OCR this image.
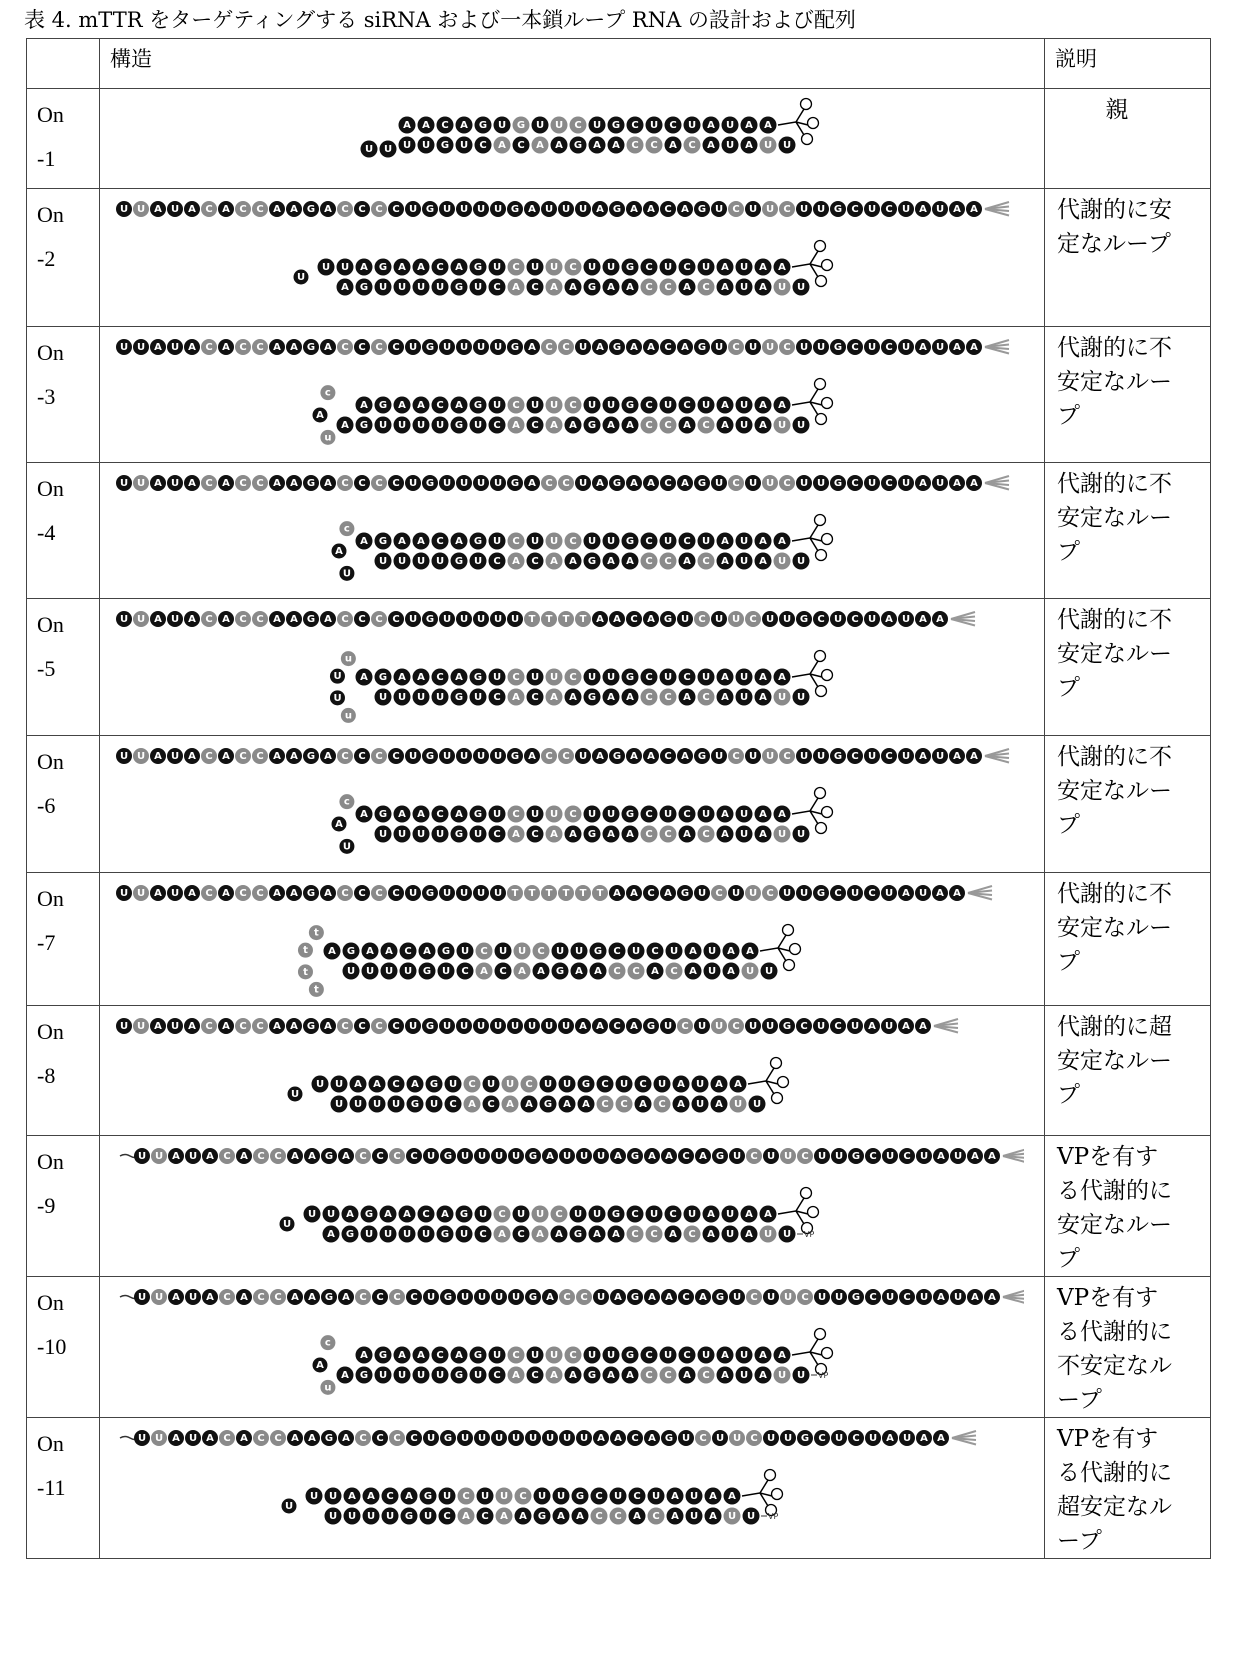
表 4. mTTR をターゲティングする siRNA および一本鎖ループ RNA の設計および配列
	構造	説明

On
-1

A A C A G U G U U C U G C U C U A U A A
U U U U G U C A C A A G A A C C A C A U A U U

親

On
-2

U U A U A C A C C A A G A C C C C U G U U U U G A U U U A G A A C A G U C U U C U U G C U C U A U A A
U U A G A A C A G U C U U C U U G C U C U A U A A
A G U U U U G U C A C A A G A A C C A C A U A U U
U

代謝的に安定なループ

On
-3

U U A U A C A C C A A G A C C C C U G U U U U G A C C U A G A A C A G U C U U C U U G C U C U A U A A
A G A A C A G U C U U C U U G C U C U A U A A
A G U U U U G U C A C A A G A A C C A C A U A U U
cAu

代謝的に不安定なループ

On
-4

U U A U A C A C C A A G A C C C C U G U U U U G A C C U A G A A C A G U C U U C U U G C U C U A U A A
A G A A C A G U C U U C U U G C U C U A U A A
U U U U G U C A C A A G A A C C A C A U A U U
cAU

代謝的に不安定なループ

On
-5

U U A U A C A C C A A G A C C C C U G U U U U U T T T T A A C A G U C U U C U U G C U C U A U A A
A G A A C A G U C U U C U U G C U C U A U A A
U U U U G U C A C A A G A A C C A C A U A U U
uUUu

代謝的に不安定なループ

On
-6

U U A U A C A C C A A G A C C C C U G U U U U G A C C U A G A A C A G U C U U C U U G C U C U A U A A
A G A A C A G U C U U C U U G C U C U A U A A
U U U U G U C A C A A G A A C C A C A U A U U
cAU

代謝的に不安定なループ

On
-7

U U A U A C A C C A A G A C C C C U G U U U U T T T T T T A A C A G U C U U C U U G C U C U A U A A
A G A A C A G U C U U C U U G C U C U A U A A
U U U U G U C A C A A G A A C C A C A U A U U
tttt

代謝的に不安定なループ

On
-8

U U A U A C A C C A A G A C C C C U G U U U U U U U U A A C A G U C U U C U U G C U C U A U A A
U U A A C A G U C U U C U U G C U C U A U A A
U U U U G U C A C A A G A A C C A C A U A U U
U

代謝的に超安定なループ

On
-9

U U A U A C A C C A A G A C C C C U G U U U U G A U U U A G A A C A G U C U U C U U G C U C U A U A A
U U A G A A C A G U C U U C U U G C U C U A U A A
A G U U U U G U C A C A A G A A C C A C A U A U U
U
VP

VPを有する代謝的に安定なループ

On
-10

U U A U A C A C C A A G A C C C C U G U U U U G A C C U A G A A C A G U C U U C U U G C U C U A U A A
A G A A C A G U C U U C U U G C U C U A U A A
A G U U U U G U C A C A A G A A C C A C A U A U U
cAu
VP

VPを有する代謝的に不安定なループ

On
-11

U U A U A C A C C A A G A C C C C U G U U U U U U U U A A C A G U C U U C U U G C U C U A U A A
U U A A C A G U C U U C U U G C U C U A U A A
U U U U G U C A C A A G A A C C A C A U A U U
U
VP

VPを有する代謝的に超安定なループ
